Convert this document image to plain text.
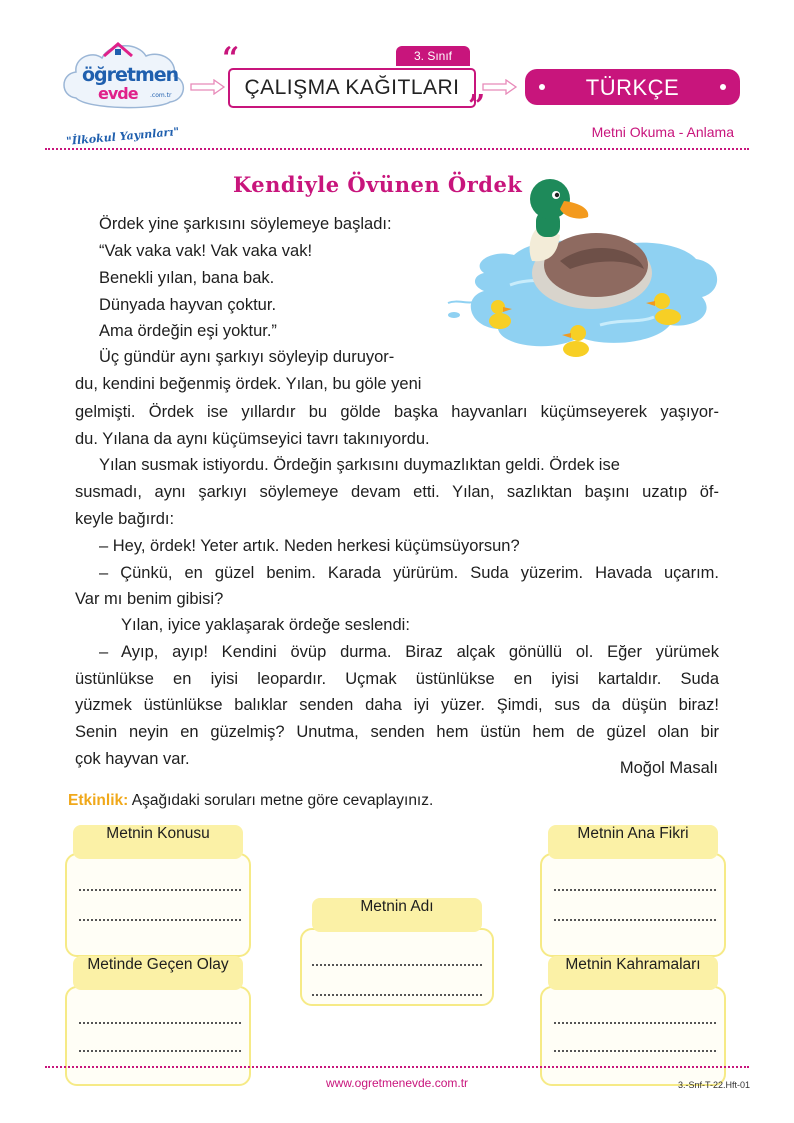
öğretmen
evde .com.tr
"İlkokul Yayınları"
3. Sınıf
ÇALIŞMA KAĞITLARI
“
”
TÜRKÇE
Metni Okuma - Anlama
Kendiyle Övünen Ördek
Ördek yine şarkısını söylemeye başladı:
“Vak vaka vak! Vak vaka vak!
Benekli yılan, bana bak.
Dünyada hayvan çoktur.
Ama ördeğin eşi yoktur.”
Üç gündür aynı şarkıyı söyleyip duruyor-
du, kendini beğenmiş ördek. Yılan, bu göle yeni
gelmişti. Ördek ise yıllardır bu gölde başka hayvanları küçümseyerek yaşıyor-
du. Yılana da aynı küçümseyici tavrı takınıyordu.
Yılan susmak istiyordu. Ördeğin şarkısını duymazlıktan geldi. Ördek ise
susmadı, aynı şarkıyı söylemeye devam etti. Yılan, sazlıktan başını uzatıp öf-
keyle bağırdı:
– Hey, ördek! Yeter artık. Neden herkesi küçümsüyorsun?
– Çünkü, en güzel benim. Karada yürürüm. Suda yüzerim. Havada uçarım.
Var mı benim gibisi?
Yılan, iyice yaklaşarak ördeğe seslendi:
– Ayıp, ayıp! Kendini övüp durma. Biraz alçak gönüllü ol. Eğer yürümek
üstünlükse en iyisi leopardır. Uçmak üstünlükse en iyisi kartaldır. Suda
yüzmek üstünlükse balıklar senden daha iyi yüzer. Şimdi, sus da düşün biraz!
Senin neyin en güzelmiş? Unutma, senden hem üstün hem de güzel olan bir
çok hayvan var.	Moğol Masalı
Etkinlik: Aşağıdaki soruları metne göre cevaplayınız.
Metnin Konusu
Metinde Geçen Olay
Metnin Adı
Metnin Ana Fikri
Metnin Kahramaları
www.ogretmenevde.com.tr	3.-Snf-T-22.Hft-01
